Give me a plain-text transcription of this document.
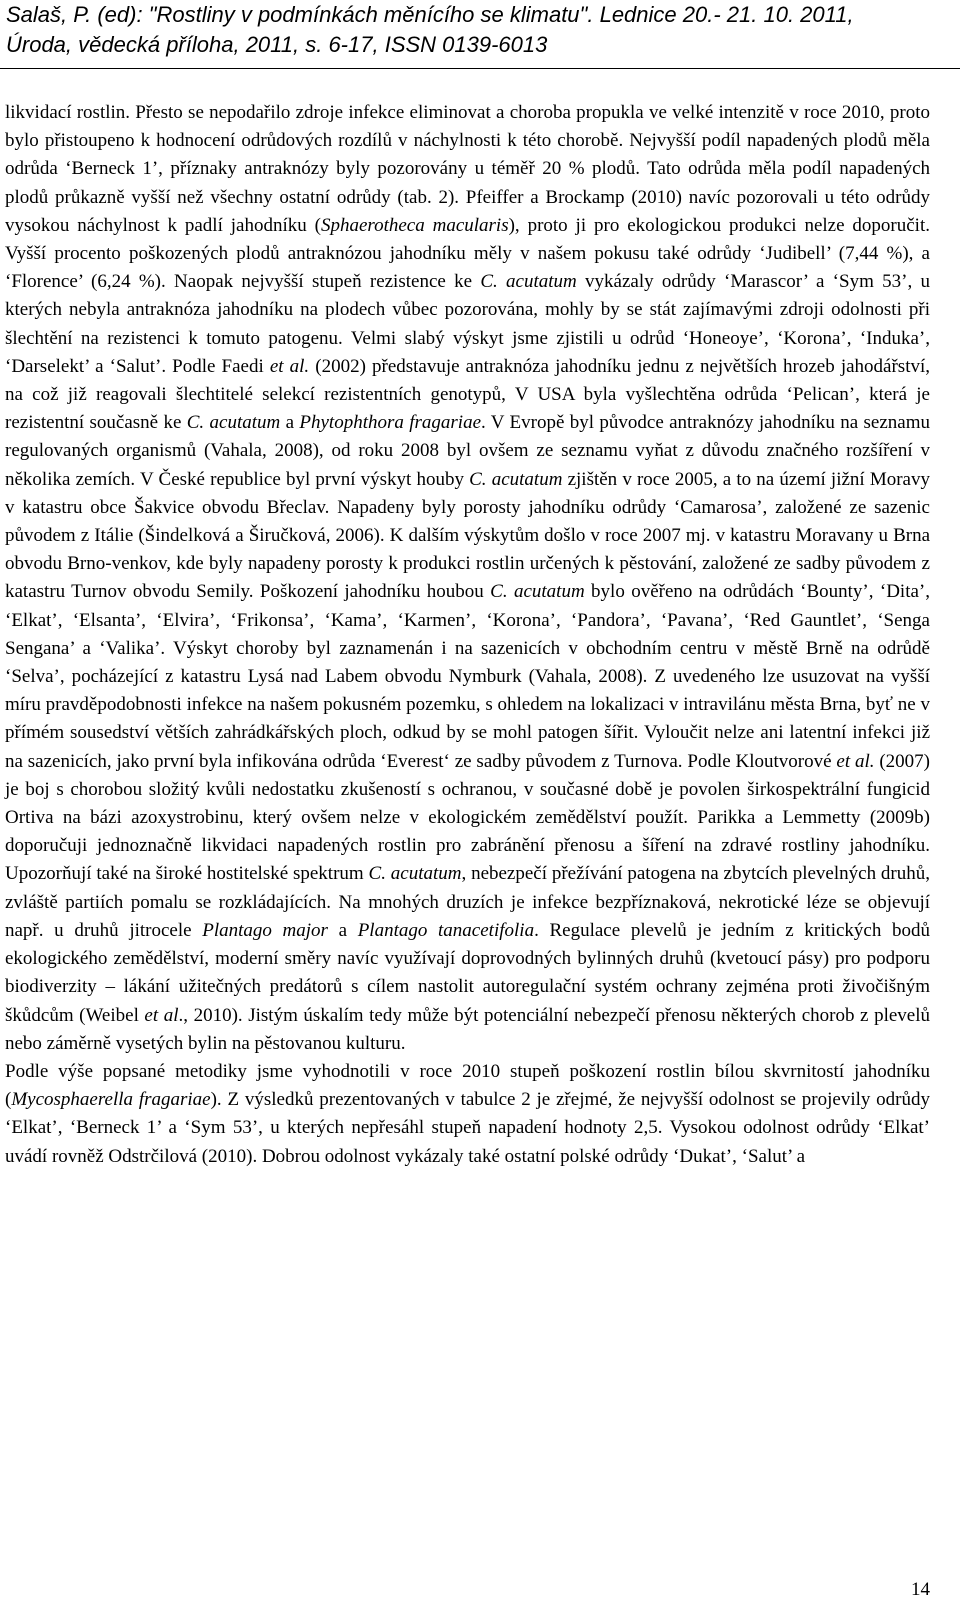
Salaš, P. (ed): "Rostliny v podmínkách měnícího se klimatu". Lednice 20.- 21. 10. 2011,
Úroda, vědecká příloha, 2011, s. 6-17, ISSN 0139-6013

likvidací rostlin. Přesto se nepodařilo zdroje infekce eliminovat a choroba propukla ve velké intenzitě v roce 2010, proto bylo přistoupeno k hodnocení odrůdových rozdílů v náchylnosti k této chorobě. Nejvyšší podíl napadených plodů měla odrůda ‘Berneck 1’, příznaky antraknózy byly pozorovány u téměř 20 % plodů. Tato odrůda měla podíl napadených plodů průkazně vyšší než všechny ostatní odrůdy (tab. 2). Pfeiffer a Brockamp (2010) navíc pozorovali u této odrůdy vysokou náchylnost k padlí jahodníku (Sphaerotheca macularis), proto ji pro ekologickou produkci nelze doporučit. Vyšší procento poškozených plodů antraknózou jahodníku měly v našem pokusu také odrůdy ‘Judibell’ (7,44 %), a ‘Florence’ (6,24 %). Naopak nejvyšší stupeň rezistence ke C. acutatum vykázaly odrůdy ‘Marascor’ a ‘Sym 53’, u kterých nebyla antraknóza jahodníku na plodech vůbec pozorována, mohly by se stát zajímavými zdroji odolnosti při šlechtění na rezistenci k tomuto patogenu. Velmi slabý výskyt jsme zjistili u odrůd ‘Honeoye’, ‘Korona’, ‘Induka’, ‘Darselekt’ a ‘Salut’. Podle Faedi et al. (2002) představuje antraknóza jahodníku jednu z největších hrozeb jahodářství, na což již reagovali šlechtitelé selekcí rezistentních genotypů, V USA byla vyšlechtěna odrůda ‘Pelican’, která je rezistentní současně ke C. acutatum a Phytophthora fragariae. V Evropě byl původce antraknózy jahodníku na seznamu regulovaných organismů (Vahala, 2008), od roku 2008 byl ovšem ze seznamu vyňat z důvodu značného rozšíření v několika zemích. V České republice byl první výskyt houby C. acutatum zjištěn v roce 2005, a to na území jižní Moravy v katastru obce Šakvice obvodu Břeclav. Napadeny byly porosty jahodníku odrůdy ‘Camarosa’, založené ze sazenic původem z Itálie (Šindelková a Širučková, 2006). K dalším výskytům došlo v roce 2007 mj. v katastru Moravany u Brna obvodu Brno-venkov, kde byly napadeny porosty k produkci rostlin určených k pěstování, založené ze sadby původem z katastru Turnov obvodu Semily. Poškození jahodníku houbou C. acutatum bylo ověřeno na odrůdách ‘Bounty’, ‘Dita’, ‘Elkat’, ‘Elsanta’, ‘Elvira’, ‘Frikonsa’, ‘Kama’, ‘Karmen’, ‘Korona’, ‘Pandora’, ‘Pavana’, ‘Red Gauntlet’, ‘Senga Sengana’ a ‘Valika’. Výskyt choroby byl zaznamenán i na sazenicích v obchodním centru v městě Brně na odrůdě ‘Selva’, pocházející z katastru Lysá nad Labem obvodu Nymburk (Vahala, 2008). Z uvedeného lze usuzovat na vyšší míru pravděpodobnosti infekce na našem pokusném pozemku, s ohledem na lokalizaci v intravilánu města Brna, byť ne v přímém sousedství větších zahrádkářských ploch, odkud by se mohl patogen šířit. Vyloučit nelze ani latentní infekci již na sazenicích, jako první byla infikována odrůda ‘Everest‘ ze sadby původem z Turnova. Podle Kloutvorové et al. (2007) je boj s chorobou složitý kvůli nedostatku zkušeností s ochranou, v současné době je povolen širkospektrální fungicid Ortiva na bázi azoxystrobinu, který ovšem nelze v ekologickém zemědělství použít. Parikka a Lemmetty (2009b) doporučuji jednoznačně likvidaci napadených rostlin pro zabránění přenosu a šíření na zdravé rostliny jahodníku. Upozorňují také na široké hostitelské spektrum C. acutatum, nebezpečí přežívání patogena na zbytcích plevelných druhů, zvláště partiích pomalu se rozkládajících. Na mnohých druzích je infekce bezpříznaková, nekrotické léze se objevují např. u druhů jitrocele Plantago major a Plantago tanacetifolia. Regulace plevelů je jedním z kritických bodů ekologického zemědělství, moderní směry navíc využívají doprovodných bylinných druhů (kvetoucí pásy) pro podporu biodiverzity – lákání užitečných predátorů s cílem nastolit autoregulační systém ochrany zejména proti živočišným škůdcům (Weibel et al., 2010). Jistým úskalím tedy může být potenciální nebezpečí přenosu některých chorob z plevelů nebo záměrně vysetých bylin na pěstovanou kulturu.

Podle výše popsané metodiky jsme vyhodnotili v roce 2010 stupeň poškození rostlin bílou skvrnitostí jahodníku (Mycosphaerella fragariae). Z výsledků prezentovaných v tabulce 2 je zřejmé, že nejvyšší odolnost se projevily odrůdy ‘Elkat’, ‘Berneck 1’ a ‘Sym 53’, u kterých nepřesáhl stupeň napadení hodnoty 2,5. Vysokou odolnost odrůdy ‘Elkat’ uvádí rovněž Odstrčilová (2010). Dobrou odolnost vykázaly také ostatní polské odrůdy ‘Dukat’, ‘Salut’ a

14
